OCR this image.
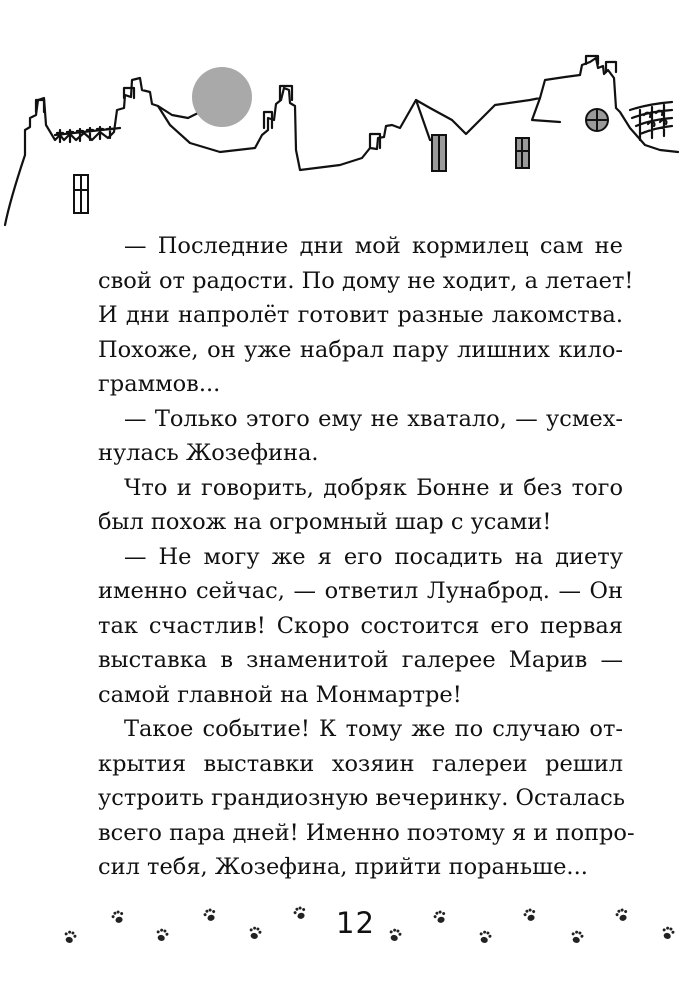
— Последние дни мой кормилец сам не
свой от радости. По дому не ходит, а летает!
И дни напролёт готовит разные лакомства.
Похоже, он уже набрал пару лишних кило-
граммов...
— Только этого ему не хватало, — усмех-
нулась Жозефина.
Что и говорить, добряк Бонне и без того
был похож на огромный шар с усами!
— Не могу же я его посадить на диету
именно сейчас, — ответил Лунаброд. — Он
так счастлив! Скоро состоится его первая
выставка в знаменитой галерее Марив —
самой главной на Монмартре!
Такое событие! К тому же по случаю от-
крытия выставки хозяин галереи решил
устроить грандиозную вечеринку. Осталась
всего пара дней! Именно поэтому я и попро-
сил тебя, Жозефина, прийти пораньше...
12
